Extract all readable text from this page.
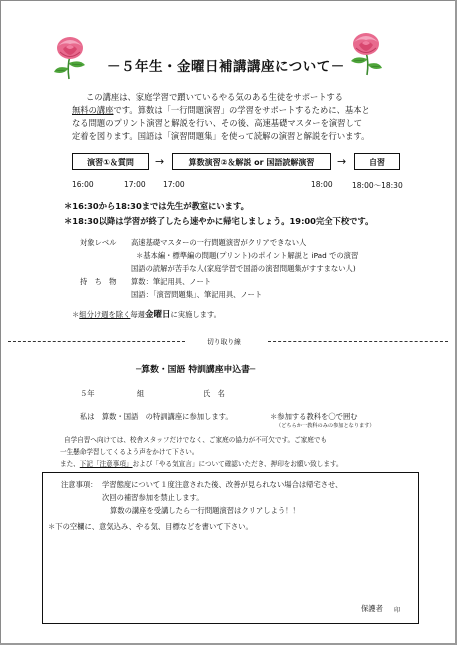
－５年生・金曜日補講講座について－
この講座は、家庭学習で躓いているやる気のある生徒をサポートする
無料の講座です。算数は「一行問題演習」の学習をサポートするために、基本と
なる問題のプリント演習と解説を行い、その後、高速基礎マスターを演習して
定着を図ります。国語は「演習問題集」を使って読解の演習と解説を行います。
演習①＆質問	→	算数演習②＆解説 or 国語読解演習	→	自習
16:00	17:00 17:00	18:00	18:00～18:30
＊16:30から18:30までは先生が教室にいます。
＊18:30以降は学習が終了したら速やかに帰宅しましょう。19:00完全下校です。
対象レベル 高速基礎マスターの一行問題演習がクリアできない人
＊基本編・標準編の問題(プリント)のポイント解説と iPad での演習
国語の読解が苦手な人(家庭学習で国語の演習問題集がすすまない人)
持　ち　物 算数：筆記用具、ノート
国語：「演習問題集」、筆記用具、ノート
＊組分け週を除く毎週金曜日に実施します。
切り取り線
─算数・国語 特訓講座申込書─
５年	組	氏　名
私は　算数・国語　の特訓講座に参加します。	＊参加する教科を〇で囲む
（どちらか一教科のみの参加となります）
自学自習へ向けては、校舎スタッフだけでなく、ご家庭の協力が不可欠です。ご家庭でも
一生懸命学習してくるよう声をかけて下さい。
また、下記「注意事項」および「やる気宣言」について確認いただき、押印をお願い致します。
注意事項： 学習態度について１度注意された後、改善が見られない場合は帰宅させ、
次回の補習参加を禁止します。
算数の講座を受講したら一行問題演習はクリアしよう！！
＊下の空欄に、意気込み、やる気、目標などを書いて下さい。
保護者 印
